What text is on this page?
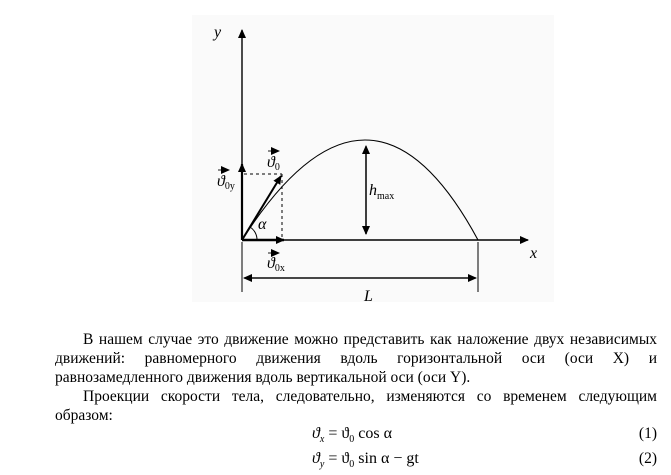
y
x
ϑ0
ϑ0y
ϑ0x
α
$h_{max}$
L
В нашем случае это движение можно представить как наложение двух независимых движений: равномерного движения вдоль горизонтальной оси (оси X) и равнозамедленного движения вдоль вертикальной оси (оси Y).
Проекции скорости тела, следовательно, изменяются со временем следующим образом:
$ϑ_x = ϑ_0$ cos α	(1)
$ϑ_y = ϑ_0$ sin α − gt	(2)
